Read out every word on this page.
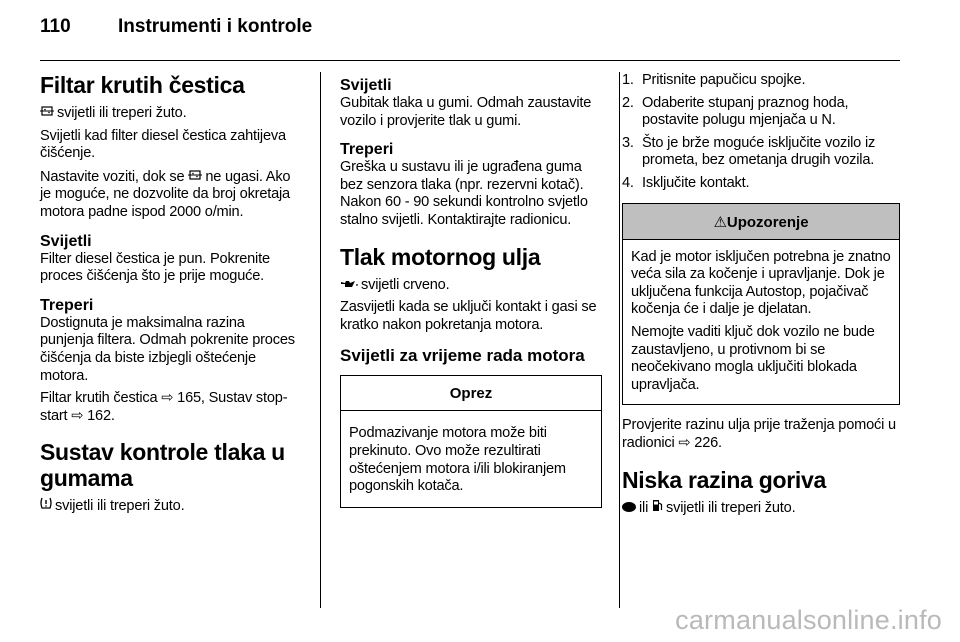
110	Instrumenti i kontrole
Filtar krutih čestica

svijetli ili treperi žuto.

Svijetli kad filter diesel čestica zahtijeva čišćenje.

Nastavite voziti, dok se ne ugasi. Ako je moguće, ne dozvolite da broj okretaja motora padne ispod 2000 o/min.

Svijetli

Filter diesel čestica je pun. Pokrenite proces čišćenja što je prije moguće.

Treperi

Dostignuta je maksimalna razina punjenja filtera. Odmah pokrenite proces čišćenja da biste izbjegli oštećenje motora.

Filtar krutih čestica ⇨ 165, Sustav stop-start ⇨ 162.

Sustav kontrole tlaka u gumama

svijetli ili treperi žuto.

Svijetli

Gubitak tlaka u gumi. Odmah zaustavite vozilo i provjerite tlak u gumi.

Treperi

Greška u sustavu ili je ugrađena guma bez senzora tlaka (npr. rezervni kotač). Nakon 60 - 90 sekundi kontrolno svjetlo stalno svijetli. Kontaktirajte radionicu.

Tlak motornog ulja

svijetli crveno.

Zasvijetli kada se uključi kontakt i gasi se kratko nakon pokretanja motora.

Svijetli za vrijeme rada motora
Oprez

Podmazivanje motora može biti prekinuto. Ovo može rezultirati oštećenjem motora i/ili blokiranjem pogonskih kotača.

1. Pritisnite papučicu spojke.
2. Odaberite stupanj praznog hoda, postavite polugu mjenjača u N.
3. Što je brže moguće isključite vozilo iz prometa, bez ometanja drugih vozila.
4. Isključite kontakt.
⚠Upozorenje

Kad je motor isključen potrebna je znatno veća sila za kočenje i upravljanje. Dok je uključena funkcija Autostop, pojačivač kočenja će i dalje je djelatan.

Nemojte vaditi ključ dok vozilo ne bude zaustavljeno, u protivnom bi se neočekivano mogla uključiti blokada upravljača.

Provjerite razinu ulja prije traženja pomoći u radionici ⇨ 226.

Niska razina goriva

ili svijetli ili treperi žuto.

carmanualsonline.info
